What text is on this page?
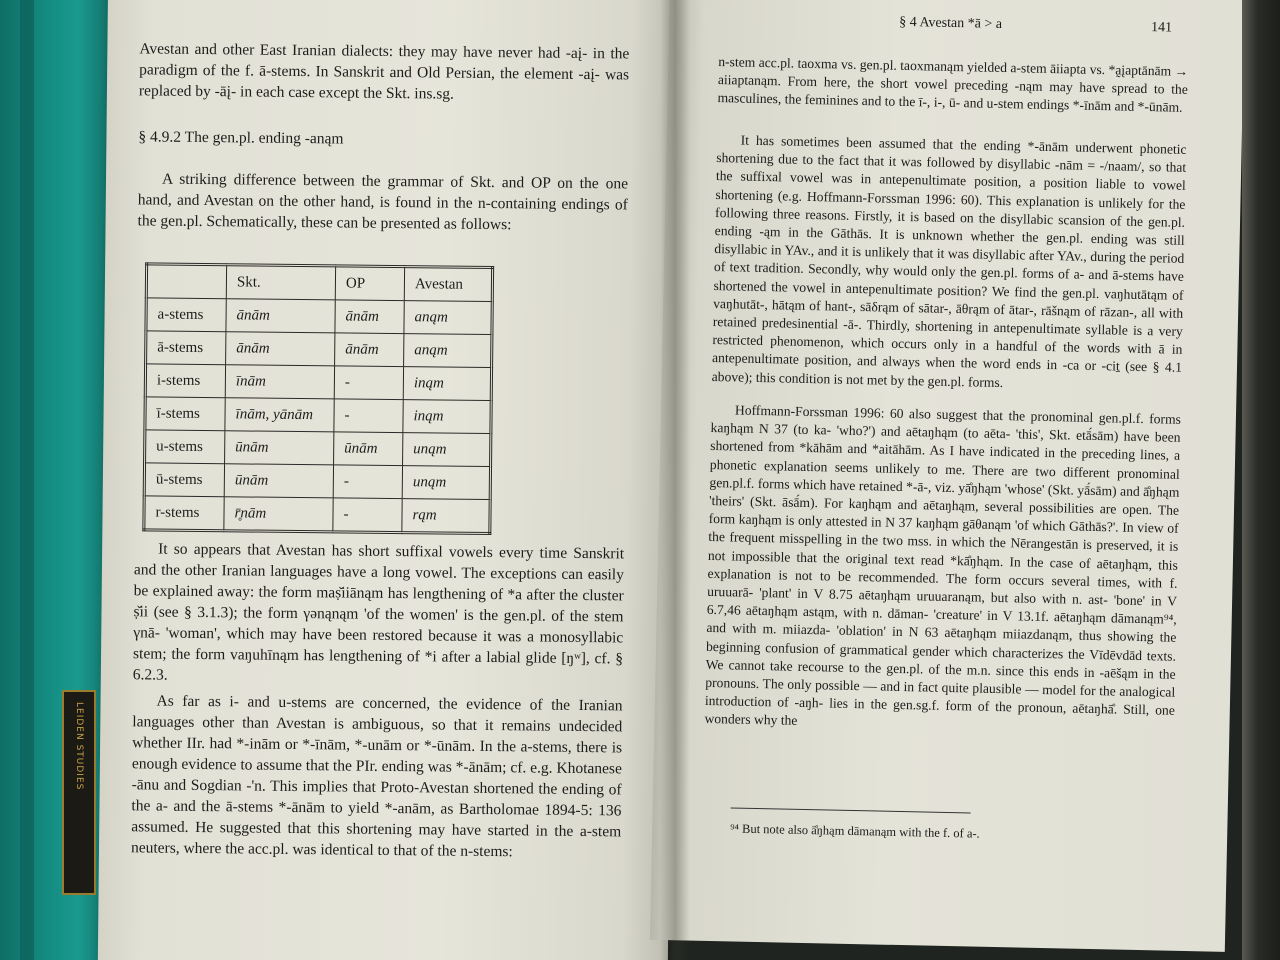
LEIDEN STUDIES

Avestan and other East Iranian dialects: they may have never had -aį- in the paradigm of the f. ā-stems. In Sanskrit and Old Persian, the element -aį- was replaced by -āį- in each case except the Skt. ins.sg.

§ 4.9.2 The gen.pl. ending -anąm

A striking difference between the grammar of Skt. and OP on the one hand, and Avestan on the other hand, is found in the n-containing endings of the gen.pl. Schematically, these can be presented as follows:

	Skt.	OP	Avestan
a-stems	ānām	ānām	anąm
ā-stems	ānām	ānām	anąm
i-stems	īnām	-	inąm
ī-stems	īnām, yānām	-	inąm
u-stems	ūnām	ūnām	unąm
ū-stems	ūnām	-	unąm
r-stems	r̥̄nām	-	rąm

It so appears that Avestan has short suffixal vowels every time Sanskrit and the other Iranian languages have a long vowel. The exceptions can easily be explained away: the form maṣ̌iiānąm has lengthening of *a after the cluster ṣ̌ii (see § 3.1.3); the form γənąnąm 'of the women' is the gen.pl. of the stem γnā- 'woman', which may have been restored because it was a monosyllabic stem; the form vaŋuhīnąm has lengthening of *i after a labial glide [ŋʷ], cf. § 6.2.3.

As far as i- and u-stems are concerned, the evidence of the Iranian languages other than Avestan is ambiguous, so that it remains undecided whether IIr. had *-inām or *-īnām, *-unām or *-ūnām. In the a-stems, there is enough evidence to assume that the PIr. ending was *-ānām; cf. e.g. Khotanese -ānu and Sogdian -'n. This implies that Proto-Avestan shortened the ending of the a- and the ā-stems *-ānām to yield *-anām, as Bartholomae 1894-5: 136 assumed. He suggested that this shortening may have started in the a-stem neuters, where the acc.pl. was identical to that of the n-stems:

§ 4 Avestan *ā > a	141

n-stem acc.pl. taoxma vs. gen.pl. taoxmanąm yielded a-stem āiiapta vs. *a̰įaptānām → aiiaptanąm. From here, the short vowel preceding -nąm may have spread to the masculines, the feminines and to the ī-, i-, ū- and u-stem endings *-īnām and *-ūnām.

It has sometimes been assumed that the ending *-ānām underwent phonetic shortening due to the fact that it was followed by disyllabic -nām = -/naam/, so that the suffixal vowel was in antepenultimate position, a position liable to vowel shortening (e.g. Hoffmann-Forssman 1996: 60). This explanation is unlikely for the following three reasons. Firstly, it is based on the disyllabic scansion of the gen.pl. ending -ąm in the Gāthās. It is unknown whether the gen.pl. ending was still disyllabic in YAv., and it is unlikely that it was disyllabic after YAv., during the period of text tradition. Secondly, why would only the gen.pl. forms of a- and ā-stems have shortened the vowel in antepenultimate position? We find the gen.pl. vaŋhutātąm of vaŋhutāt-, hātąm of hant-, sāδrąm of sātar-, āθrąm of ātar-, rāšnąm of rāzan-, all with retained predesinential -ā-. Thirdly, shortening in antepenultimate syllable is a very restricted phenomenon, which occurs only in a handful of the words with ā in antepenultimate position, and always when the word ends in -ca or -ciṯ (see § 4.1 above); this condition is not met by the gen.pl. forms.

Hoffmann-Forssman 1996: 60 also suggest that the pronominal gen.pl.f. forms kaŋhąm N 37 (to ka- 'who?') and aētaŋhąm (to aēta- 'this', Skt. etā́sām) have been shortened from *kāhām and *aitāhām. As I have indicated in the preceding lines, a phonetic explanation seems unlikely to me. There are two different pronominal gen.pl.f. forms which have retained *-ā-, viz. yā̊ŋhąm 'whose' (Skt. yā́sām) and ā̊ŋhąm 'theirs' (Skt. āsā́m). For kaŋhąm and aētaŋhąm, several possibilities are open. The form kaŋhąm is only attested in N 37 kaŋhąm gāθanąm 'of which Gāthās?'. In view of the frequent misspelling in the two mss. in which the Nērangestān is preserved, it is not impossible that the original text read *kā̊ŋhąm. In the case of aētaŋhąm, this explanation is not to be recommended. The form occurs several times, with f. uruuarā- 'plant' in V 8.75 aētaŋhąm uruuaranąm, but also with n. ast- 'bone' in V 6.7,46 aētaŋhąm astąm, with n. dāman- 'creature' in V 13.1f. aētaŋhąm dāmanąm⁹⁴, and with m. miiazda- 'oblation' in N 63 aētaŋhąm miiazdanąm, thus showing the beginning confusion of grammatical gender which characterizes the Vīdēvdād texts. We cannot take recourse to the gen.pl. of the m.n. since this ends in -aēšąm in the pronouns. The only possible — and in fact quite plausible — model for the analogical introduction of -aŋh- lies in the gen.sg.f. form of the pronoun, aētaŋhā̊. Still, one wonders why the

⁹⁴ But note also ā̊ŋhąm dāmanąm with the f. of a-.
